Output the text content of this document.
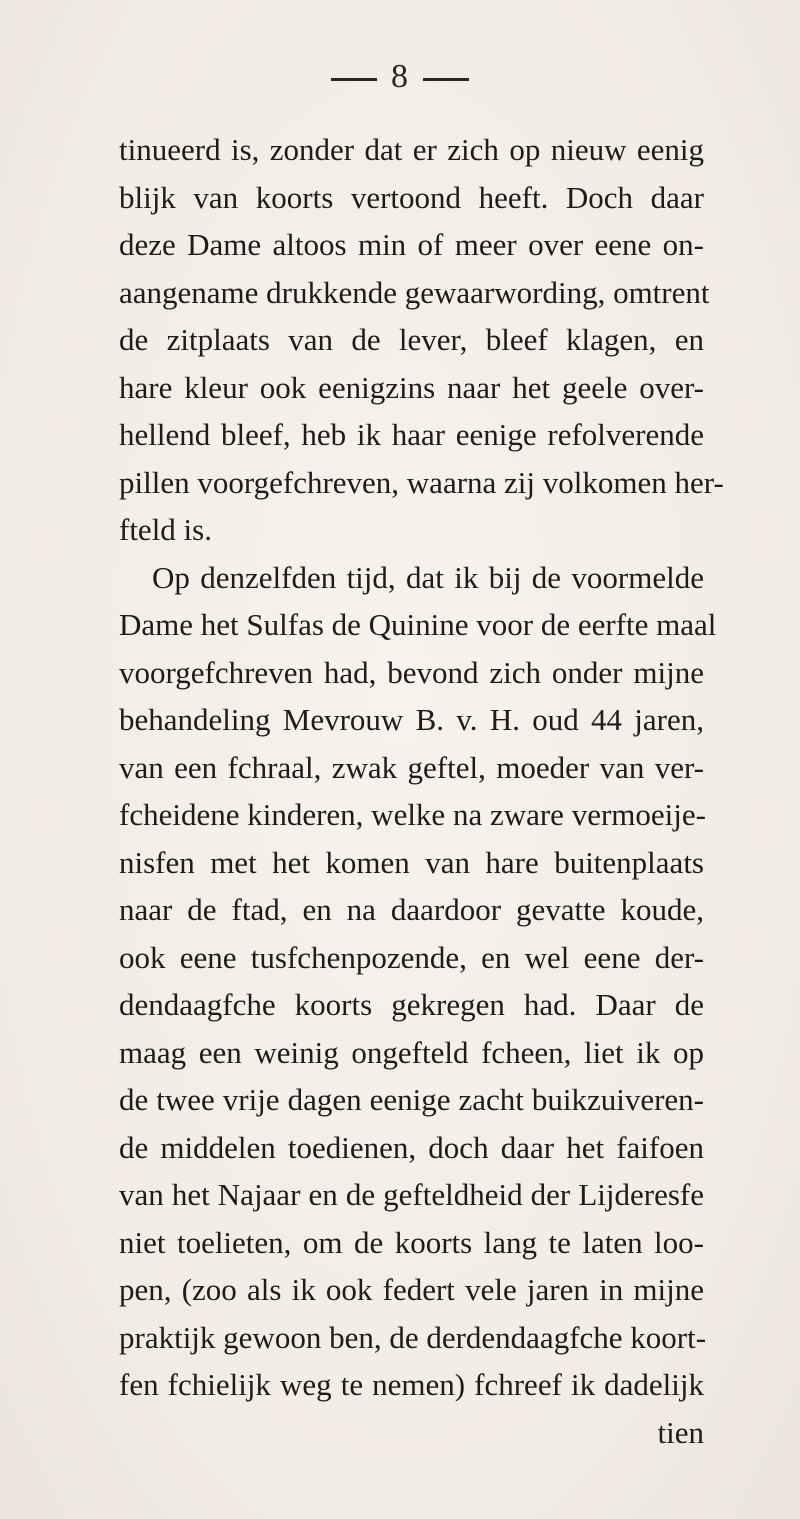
8
tinueerd is, zonder dat er zich op nieuw eenig
blijk van koorts vertoond heeft. Doch daar
deze Dame altoos min of meer over eene on-
aangename drukkende gewaarwording, omtrent
de zitplaats van de lever, bleef klagen, en
hare kleur ook eenigzins naar het geele over-
hellend bleef, heb ik haar eenige refolverende
pillen voorgefchreven, waarna zij volkomen her-
fteld is.
Op denzelfden tijd, dat ik bij de voormelde
Dame het Sulfas de Quinine voor de eerfte maal
voorgefchreven had, bevond zich onder mijne
behandeling Mevrouw B. v. H. oud 44 jaren,
van een fchraal, zwak geftel, moeder van ver-
fcheidene kinderen, welke na zware vermoeije-
nisfen met het komen van hare buitenplaats
naar de ftad, en na daardoor gevatte koude,
ook eene tusfchenpozende, en wel eene der-
dendaagfche koorts gekregen had. Daar de
maag een weinig ongefteld fcheen, liet ik op
de twee vrije dagen eenige zacht buikzuiveren-
de middelen toedienen, doch daar het faifoen
van het Najaar en de gefteldheid der Lijderesfe
niet toelieten, om de koorts lang te laten loo-
pen, (zoo als ik ook federt vele jaren in mijne
praktijk gewoon ben, de derdendaagfche koort-
fen fchielijk weg te nemen) fchreef ik dadelijk
tien
